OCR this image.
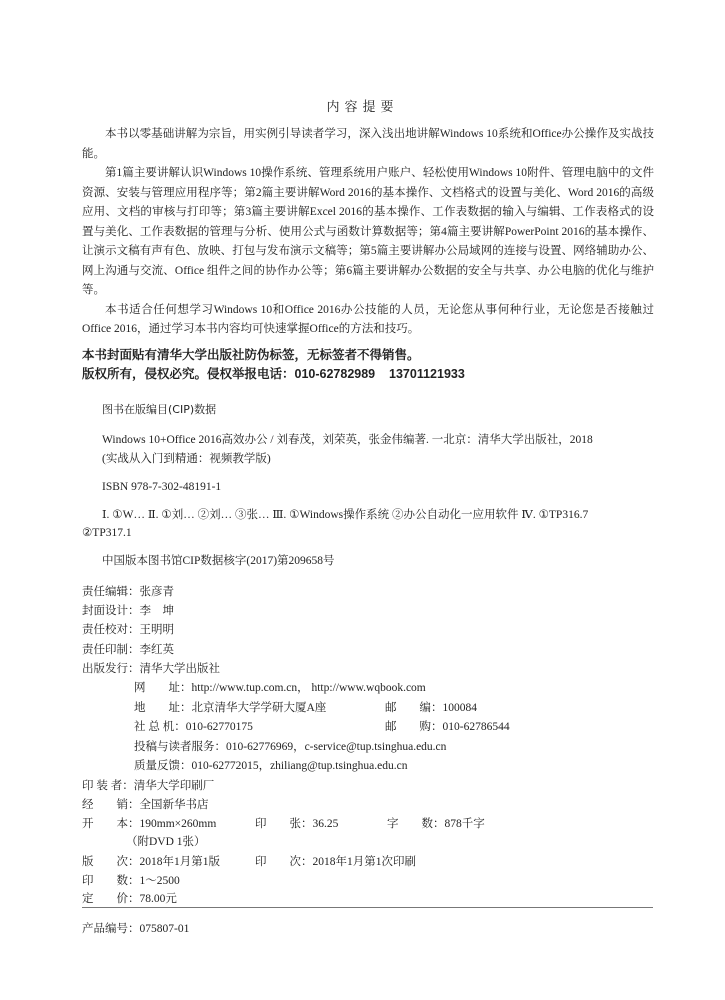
内容提要

本书以零基础讲解为宗旨，用实例引导读者学习，深入浅出地讲解Windows 10系统和Office办公操作及实战技能。

第1篇主要讲解认识Windows 10操作系统、管理系统用户账户、轻松使用Windows 10附件、管理电脑中的文件资源、安装与管理应用程序等；第2篇主要讲解Word 2016的基本操作、文档格式的设置与美化、Word 2016的高级应用、文档的审核与打印等；第3篇主要讲解Excel 2016的基本操作、工作表数据的输入与编辑、工作表格式的设置与美化、工作表数据的管理与分析、使用公式与函数计算数据等；第4篇主要讲解PowerPoint 2016的基本操作、让演示文稿有声有色、放映、打包与发布演示文稿等；第5篇主要讲解办公局域网的连接与设置、网络辅助办公、网上沟通与交流、Office 组件之间的协作办公等；第6篇主要讲解办公数据的安全与共享、办公电脑的优化与维护等。

本书适合任何想学习Windows 10和Office 2016办公技能的人员，无论您从事何种行业，无论您是否接触过Office 2016，通过学习本书内容均可快速掌握Office的方法和技巧。

本书封面贴有清华大学出版社防伪标签，无标签者不得销售。
版权所有，侵权必究。侵权举报电话：010-62782989    13701121933
图书在版编目(CIP)数据
Windows 10+Office 2016高效办公 / 刘春茂，刘荣英，张金伟编著. 一北京：清华大学出版社，2018
(实战从入门到精通：视频教学版)
ISBN 978-7-302-48191-1
Ⅰ. ①W… Ⅱ. ①刘… ②刘… ③张… Ⅲ. ①Windows操作系统 ②办公自动化一应用软件 Ⅳ. ①TP316.7
②TP317.1
中国版本图书馆CIP数据核字(2017)第209658号
责任编辑：张彦青
封面设计：李　坤
责任校对：王明明
责任印制：李红英
出版发行：清华大学出版社
网　　址：http://www.tup.com.cn， http://www.wqbook.com
地　　址：北京清华大学学研大厦A座	邮　　编：100084
社 总 机：010-62770175	邮　　购：010-62786544
投稿与读者服务：010-62776969，c-service@tup.tsinghua.edu.cn
质量反馈：010-62772015，zhiliang@tup.tsinghua.edu.cn
印 装 者：清华大学印刷厂
经　　销：全国新华书店
开　　本：190mm×260mm	印　　张：36.25	字　　数：878千字
（附DVD 1张）
版　　次：2018年1月第1版	印　　次：2018年1月第1次印刷
印　　数：1～2500
定　　价：78.00元
产品编号：075807-01
